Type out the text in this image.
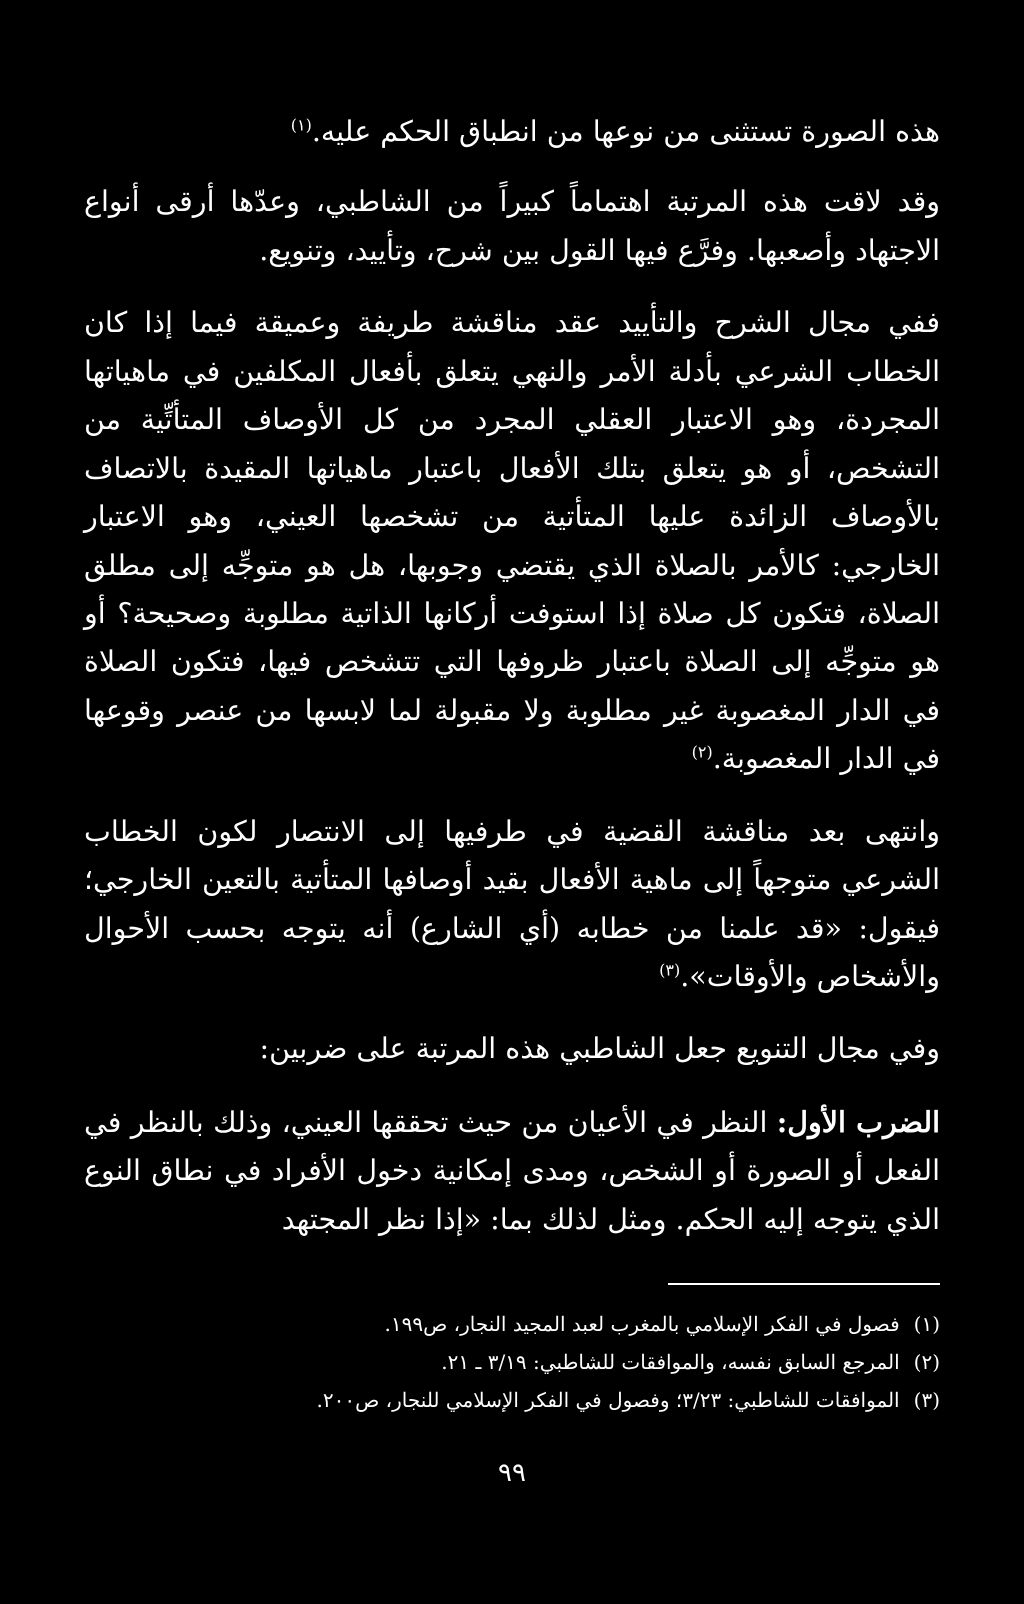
هذه الصورة تستثنى من نوعها من انطباق الحكم عليه.$^{(١)}$

وقد لاقت هذه المرتبة اهتماماً كبيراً من الشاطبي، وعدّها أرقى أنواع الاجتهاد وأصعبها. وفرَّع فيها القول بين شرح، وتأييد، وتنويع.

ففي مجال الشرح والتأييد عقد مناقشة طريفة وعميقة فيما إذا كان الخطاب الشرعي بأدلة الأمر والنهي يتعلق بأفعال المكلفين في ماهياتها المجردة، وهو الاعتبار العقلي المجرد من كل الأوصاف المتأتِّية من التشخص، أو هو يتعلق بتلك الأفعال باعتبار ماهياتها المقيدة بالاتصاف بالأوصاف الزائدة عليها المتأتية من تشخصها العيني، وهو الاعتبار الخارجي: كالأمر بالصلاة الذي يقتضي وجوبها، هل هو متوجِّه إلى مطلق الصلاة، فتكون كل صلاة إذا استوفت أركانها الذاتية مطلوبة وصحيحة؟ أو هو متوجِّه إلى الصلاة باعتبار ظروفها التي تتشخص فيها، فتكون الصلاة في الدار المغصوبة غير مطلوبة ولا مقبولة لما لابسها من عنصر وقوعها في الدار المغصوبة.$^{(٢)}$

وانتهى بعد مناقشة القضية في طرفيها إلى الانتصار لكون الخطاب الشرعي متوجهاً إلى ماهية الأفعال بقيد أوصافها المتأتية بالتعين الخارجي؛ فيقول: «قد علمنا من خطابه (أي الشارع) أنه يتوجه بحسب الأحوال والأشخاص والأوقات».$^{(٣)}$

وفي مجال التنويع جعل الشاطبي هذه المرتبة على ضربين:

الضرب الأول: النظر في الأعيان من حيث تحققها العيني، وذلك بالنظر في الفعل أو الصورة أو الشخص، ومدى إمكانية دخول الأفراد في نطاق النوع الذي يتوجه إليه الحكم. ومثل لذلك بما: «إذا نظر المجتهد

(١)فصول في الفكر الإسلامي بالمغرب لعبد المجيد النجار، ص١٩٩.
(٢)المرجع السابق نفسه، والموافقات للشاطبي: ٣/١٩ ـ ٢١.
(٣)الموافقات للشاطبي: ٣/٢٣؛ وفصول في الفكر الإسلامي للنجار، ص٢٠٠.
٩٩
